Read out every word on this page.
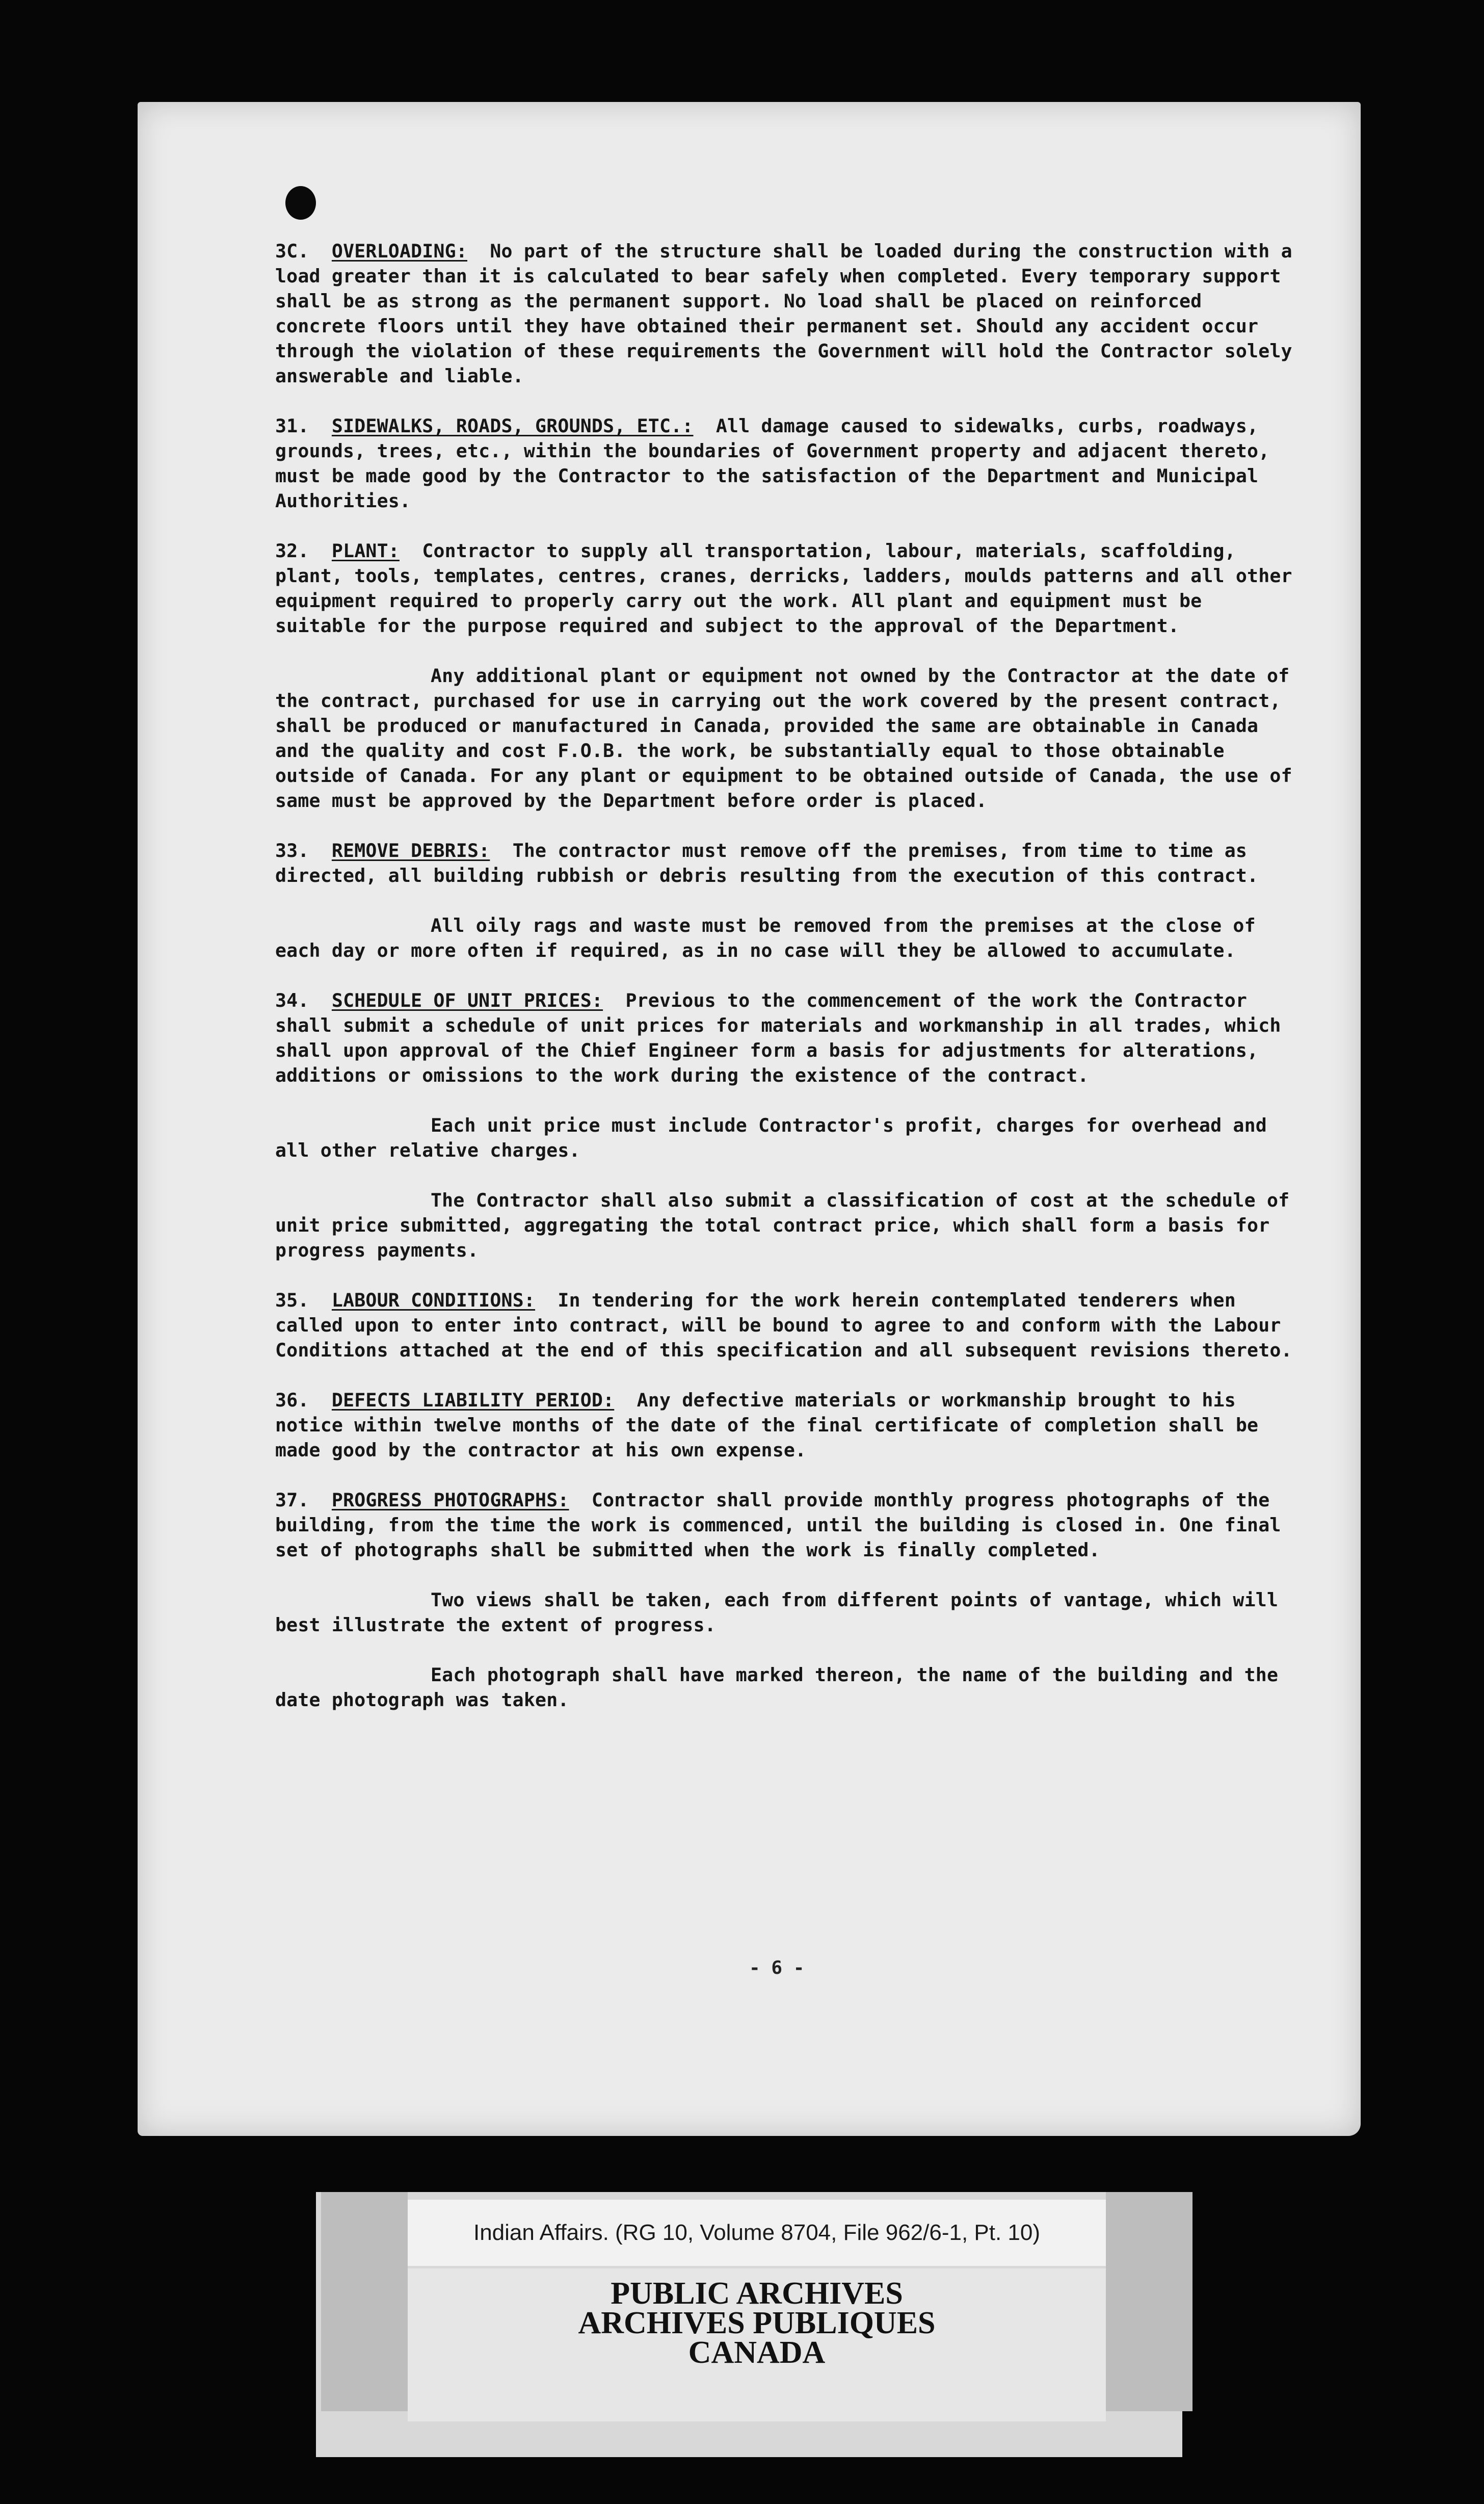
3C. OVERLOADING: No part of the structure shall be loaded during the construction with a load greater than it is calculated to bear safely when completed. Every temporary support shall be as strong as the permanent support. No load shall be placed on reinforced concrete floors until they have obtained their permanent set. Should any accident occur through the violation of these requirements the Government will hold the Contractor solely answerable and liable.

31. SIDEWALKS, ROADS, GROUNDS, ETC.: All damage caused to sidewalks, curbs, roadways, grounds, trees, etc., within the boundaries of Government property and adjacent thereto, must be made good by the Contractor to the satisfaction of the Department and Municipal Authorities.

32. PLANT: Contractor to supply all transportation, labour, materials, scaffolding, plant, tools, templates, centres, cranes, derricks, ladders, moulds patterns and all other equipment required to properly carry out the work. All plant and equipment must be suitable for the purpose required and subject to the approval of the Department.

Any additional plant or equipment not owned by the Contractor at the date of the contract, purchased for use in carrying out the work covered by the present contract, shall be produced or manufactured in Canada, provided the same are obtainable in Canada and the quality and cost F.O.B. the work, be substantially equal to those obtainable outside of Canada. For any plant or equipment to be obtained outside of Canada, the use of same must be approved by the Department before order is placed.

33. REMOVE DEBRIS: The contractor must remove off the premises, from time to time as directed, all building rubbish or debris resulting from the execution of this contract.

All oily rags and waste must be removed from the premises at the close of each day or more often if required, as in no case will they be allowed to accumulate.

34. SCHEDULE OF UNIT PRICES: Previous to the commencement of the work the Contractor shall submit a schedule of unit prices for materials and workmanship in all trades, which shall upon approval of the Chief Engineer form a basis for adjustments for alterations, additions or omissions to the work during the existence of the contract.

Each unit price must include Contractor's profit, charges for overhead and all other relative charges.

The Contractor shall also submit a classification of cost at the schedule of unit price submitted, aggregating the total contract price, which shall form a basis for progress payments.

35. LABOUR CONDITIONS: In tendering for the work herein contemplated tenderers when called upon to enter into contract, will be bound to agree to and conform with the Labour Conditions attached at the end of this specification and all subsequent revisions thereto.

36. DEFECTS LIABILITY PERIOD: Any defective materials or workmanship brought to his notice within twelve months of the date of the final certificate of completion shall be made good by the contractor at his own expense.

37. PROGRESS PHOTOGRAPHS: Contractor shall provide monthly progress photographs of the building, from the time the work is commenced, until the building is closed in. One final set of photographs shall be submitted when the work is finally completed.

Two views shall be taken, each from different points of vantage, which will best illustrate the extent of progress.

Each photograph shall have marked thereon, the name of the building and the date photograph was taken.

- 6 -
Indian Affairs. (RG 10, Volume 8704, File 962/6-1, Pt. 10)
PUBLIC ARCHIVES
ARCHIVES PUBLIQUES
CANADA
